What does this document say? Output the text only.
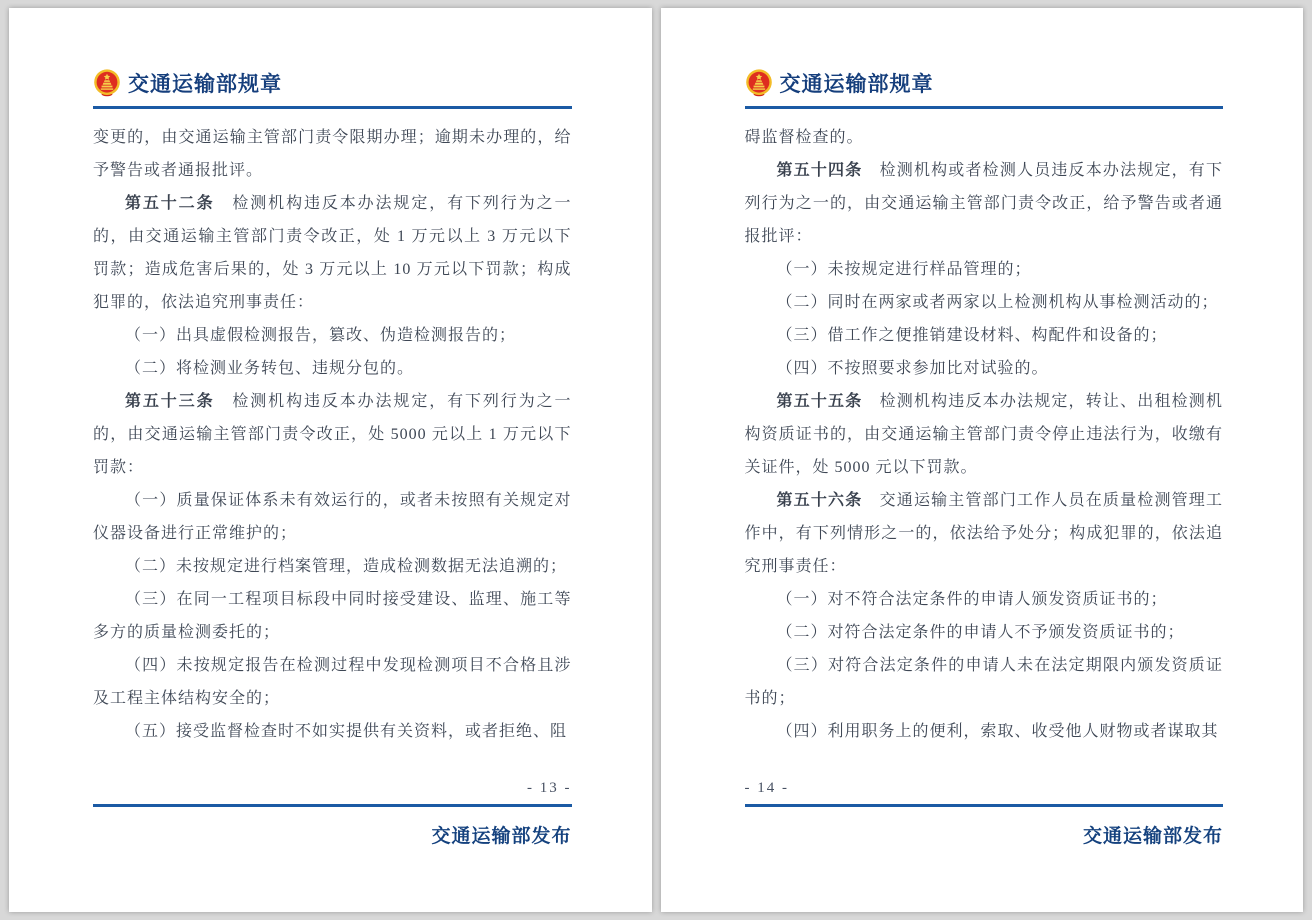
交通运输部规章

变更的，由交通运输主管部门责令限期办理；逾期未办理的，给予警告或者通报批评。

第五十二条　检测机构违反本办法规定，有下列行为之一的，由交通运输主管部门责令改正，处 1 万元以上 3 万元以下罚款；造成危害后果的，处 3 万元以上 10 万元以下罚款；构成犯罪的，依法追究刑事责任：

（一）出具虚假检测报告，篡改、伪造检测报告的；

（二）将检测业务转包、违规分包的。

第五十三条　检测机构违反本办法规定，有下列行为之一的，由交通运输主管部门责令改正，处 5000 元以上 1 万元以下罚款：

（一）质量保证体系未有效运行的，或者未按照有关规定对仪器设备进行正常维护的；

（二）未按规定进行档案管理，造成检测数据无法追溯的；

（三）在同一工程项目标段中同时接受建设、监理、施工等多方的质量检测委托的；

（四）未按规定报告在检测过程中发现检测项目不合格且涉及工程主体结构安全的；

（五）接受监督检查时不如实提供有关资料，或者拒绝、阻

- 13 -
交通运输部发布
交通运输部规章

碍监督检查的。

第五十四条　检测机构或者检测人员违反本办法规定，有下列行为之一的，由交通运输主管部门责令改正，给予警告或者通报批评：

（一）未按规定进行样品管理的；

（二）同时在两家或者两家以上检测机构从事检测活动的；

（三）借工作之便推销建设材料、构配件和设备的；

（四）不按照要求参加比对试验的。

第五十五条　检测机构违反本办法规定，转让、出租检测机构资质证书的，由交通运输主管部门责令停止违法行为，收缴有关证件，处 5000 元以下罚款。

第五十六条　交通运输主管部门工作人员在质量检测管理工作中，有下列情形之一的，依法给予处分；构成犯罪的，依法追究刑事责任：

（一）对不符合法定条件的申请人颁发资质证书的；

（二）对符合法定条件的申请人不予颁发资质证书的；

（三）对符合法定条件的申请人未在法定期限内颁发资质证书的；

（四）利用职务上的便利，索取、收受他人财物或者谋取其

- 14 -
交通运输部发布
